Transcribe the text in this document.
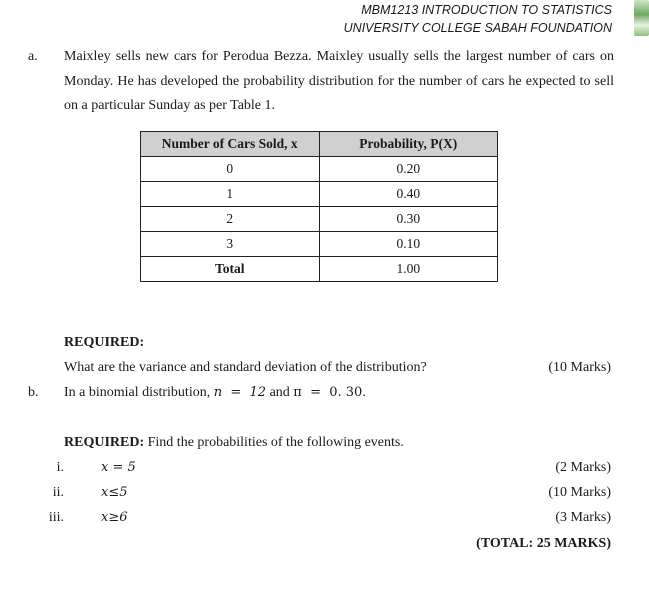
MBM1213 INTRODUCTION TO STATISTICS
UNIVERSITY COLLEGE SABAH FOUNDATION
a. Maixley sells new cars for Perodua Bezza. Maixley usually sells the largest number of cars on Monday. He has developed the probability distribution for the number of cars he expected to sell on a particular Sunday as per Table 1.
Number of Cars Sold, x	Probability, P(X)
0	0.20
1	0.40
2	0.30
3	0.10
Total	1.00
REQUIRED:
What are the variance and standard deviation of the distribution?	(10 Marks)
b. In a binomial distribution, n  =  12 and π  =  0. 30.
REQUIRED: Find the probabilities of the following events.
i.	x = 5	(2 Marks)
ii.	x≤5	(10 Marks)
iii.	x≥6	(3 Marks)
(TOTAL: 25 MARKS)
